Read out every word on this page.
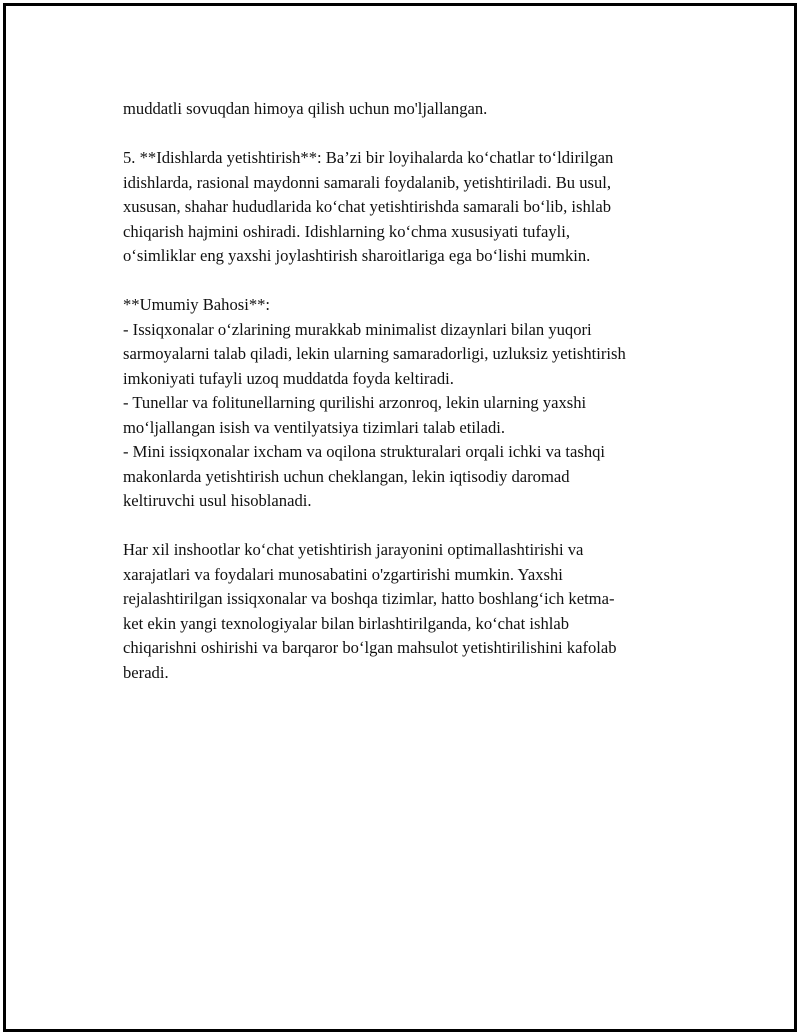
muddatli sovuqdan himoya qilish uchun mo'ljallangan.

5. **Idishlarda yetishtirish**: Ba’zi bir loyihalarda ko‘chatlar to‘ldirilgan
idishlarda, rasional maydonni samarali foydalanib, yetishtiriladi. Bu usul,
xususan, shahar hududlarida ko‘chat yetishtirishda samarali bo‘lib, ishlab
chiqarish hajmini oshiradi. Idishlarning ko‘chma xususiyati tufayli,
o‘simliklar eng yaxshi joylashtirish sharoitlariga ega bo‘lishi mumkin.

**Umumiy Bahosi**:
- Issiqxonalar o‘zlarining murakkab minimalist dizaynlari bilan yuqori
sarmoyalarni talab qiladi, lekin ularning samaradorligi, uzluksiz yetishtirish
imkoniyati tufayli uzoq muddatda foyda keltiradi.
- Tunellar va folitunellarning qurilishi arzonroq, lekin ularning yaxshi
mo‘ljallangan isish va ventilyatsiya tizimlari talab etiladi.
- Mini issiqxonalar ixcham va oqilona strukturalari orqali ichki va tashqi
makonlarda yetishtirish uchun cheklangan, lekin iqtisodiy daromad
keltiruvchi usul hisoblanadi.

Har xil inshootlar ko‘chat yetishtirish jarayonini optimallashtirishi va
xarajatlari va foydalari munosabatini o'zgartirishi mumkin. Yaxshi
rejalashtirilgan issiqxonalar va boshqa tizimlar, hatto boshlang‘ich ketma-
ket ekin yangi texnologiyalar bilan birlashtirilganda, ko‘chat ishlab
chiqarishni oshirishi va barqaror bo‘lgan mahsulot yetishtirilishini kafolab
beradi.
